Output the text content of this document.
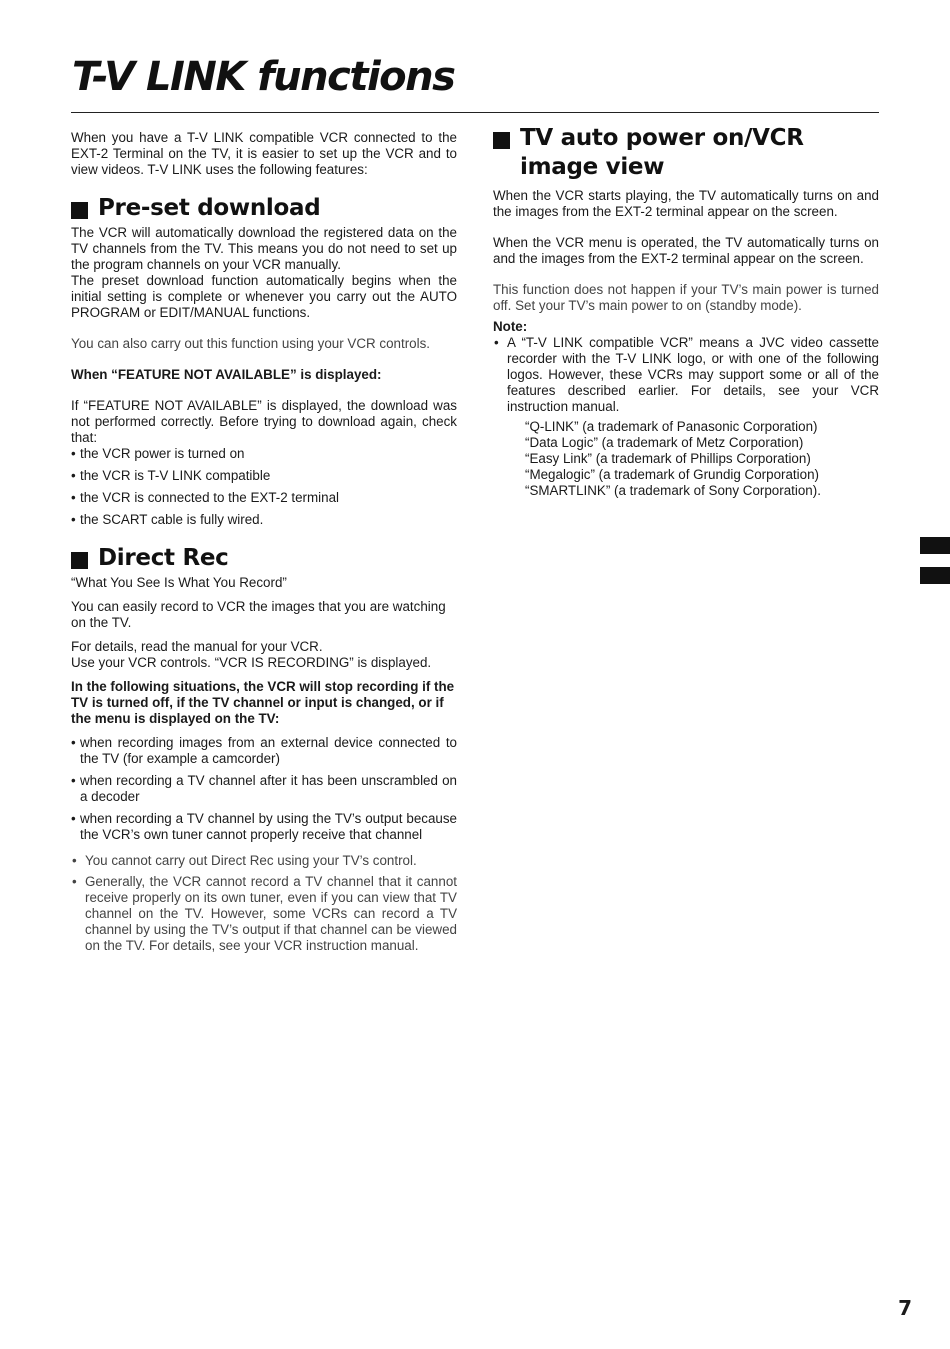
T-V LINK functions

When you have a T-V LINK compatible VCR connected to the EXT-2 Terminal on the TV, it is easier to set up the VCR and to view videos. T-V LINK uses the following features:

Pre-set download

The VCR will automatically download the registered data on the TV channels from the TV. This means you do not need to set up the program channels on your VCR manually.

The preset download function automatically begins when the initial setting is complete or whenever you carry out the AUTO PROGRAM or EDIT/MANUAL functions.

You can also carry out this function using your VCR controls.

When “FEATURE NOT AVAILABLE” is displayed:

If “FEATURE NOT AVAILABLE” is displayed, the download was not performed correctly. Before trying to download again, check that:

• the VCR power is turned on
• the VCR is T-V LINK compatible
• the VCR is connected to the EXT-2 terminal
• the SCART cable is fully wired.
Direct Rec

“What You See Is What You Record”

You can easily record to VCR the images that you are watching on the TV.

For details, read the manual for your VCR.

Use your VCR controls. “VCR IS RECORDING” is displayed.

In the following situations, the VCR will stop recording if the TV is turned off, if the TV channel or input is changed, or if the menu is displayed on the TV:

• when recording images from an external device connected to the TV (for example a camcorder)
• when recording a TV channel after it has been unscrambled on a decoder
• when recording a TV channel by using the TV’s output because the VCR’s own tuner cannot properly receive that channel
• You cannot carry out Direct Rec using your TV’s control.
• Generally, the VCR cannot record a TV channel that it cannot receive properly on its own tuner, even if you can view that TV channel on the TV. However, some VCRs can record a TV channel by using the TV’s output if that channel can be viewed on the TV. For details, see your VCR instruction manual.
TV auto power on/VCR
image view

When the VCR starts playing, the TV automatically turns on and the images from the EXT-2 terminal appear on the screen.

When the VCR menu is operated, the TV automatically turns on and the images from the EXT-2 terminal appear on the screen.

This function does not happen if your TV’s main power is turned off. Set your TV’s main power to on (standby mode).

Note:

• A “T-V LINK compatible VCR” means a JVC video cassette recorder with the T-V LINK logo, or with one of the following logos. However, these VCRs may support some or all of the features described earlier. For details, see your VCR instruction manual.
“Q-LINK” (a trademark of Panasonic Corporation)
“Data Logic” (a trademark of Metz Corporation)
“Easy Link” (a trademark of Phillips Corporation)
“Megalogic” (a trademark of Grundig Corporation)
“SMARTLINK” (a trademark of Sony Corporation).
7
